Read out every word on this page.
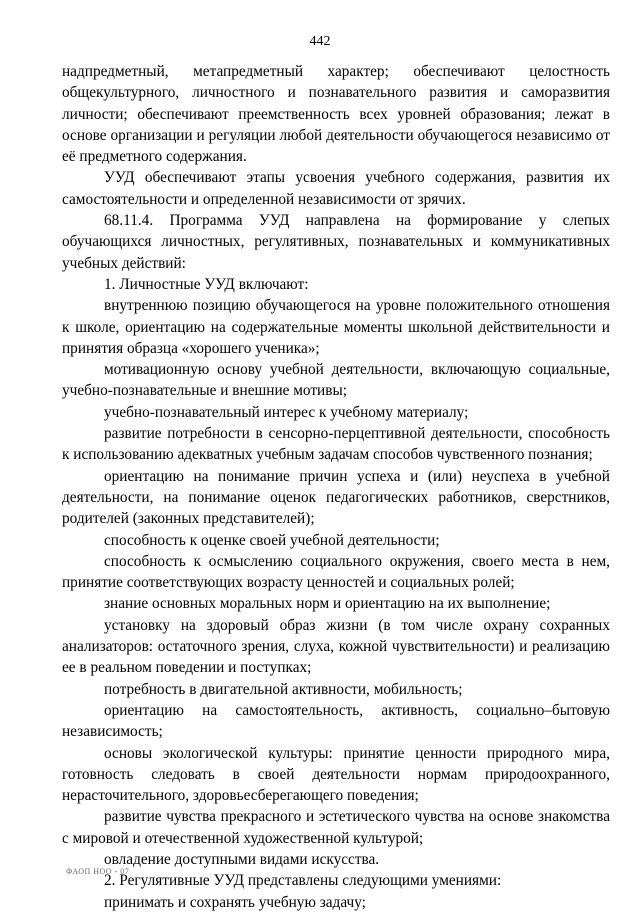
442

надпредметный, метапредметный характер; обеспечивают целостность общекультурного, личностного и познавательного развития и саморазвития личности; обеспечивают преемственность всех уровней образования; лежат в основе организации и регуляции любой деятельности обучающегося независимо от её предметного содержания.

УУД обеспечивают этапы усвоения учебного содержания, развития их самостоятельности и определенной независимости от зрячих.

68.11.4. Программа УУД направлена на формирование у слепых обучающихся личностных, регулятивных, познавательных и коммуникативных учебных действий:

1. Личностные УУД включают:

внутреннюю позицию обучающегося на уровне положительного отношения к школе, ориентацию на содержательные моменты школьной действительности и принятия образца «хорошего ученика»;

мотивационную основу учебной деятельности, включающую социальные, учебно-познавательные и внешние мотивы;

учебно-познавательный интерес к учебному материалу;

развитие потребности в сенсорно-перцептивной деятельности, способность к использованию адекватных учебным задачам способов чувственного познания;

ориентацию на понимание причин успеха и (или) неуспеха в учебной деятельности, на понимание оценок педагогических работников, сверстников, родителей (законных представителей);

способность к оценке своей учебной деятельности;

способность к осмыслению социального окружения, своего места в нем, принятие соответствующих возрасту ценностей и социальных ролей;

знание основных моральных норм и ориентацию на их выполнение;

установку на здоровый образ жизни (в том числе охрану сохранных анализаторов: остаточного зрения, слуха, кожной чувствительности) и реализацию ее в реальном поведении и поступках;

потребность в двигательной активности, мобильность;

ориентацию на самостоятельность, активность, социально–бытовую независимость;

основы экологической культуры: принятие ценности природного мира, готовность следовать в своей деятельности нормам природоохранного, нерасточительного, здоровьесберегающего поведения;

развитие чувства прекрасного и эстетического чувства на основе знакомства с мировой и отечественной художественной культурой;

овладение доступными видами искусства.

2. Регулятивные УУД представлены следующими умениями:

принимать и сохранять учебную задачу;

ФАОП НОО - 07
